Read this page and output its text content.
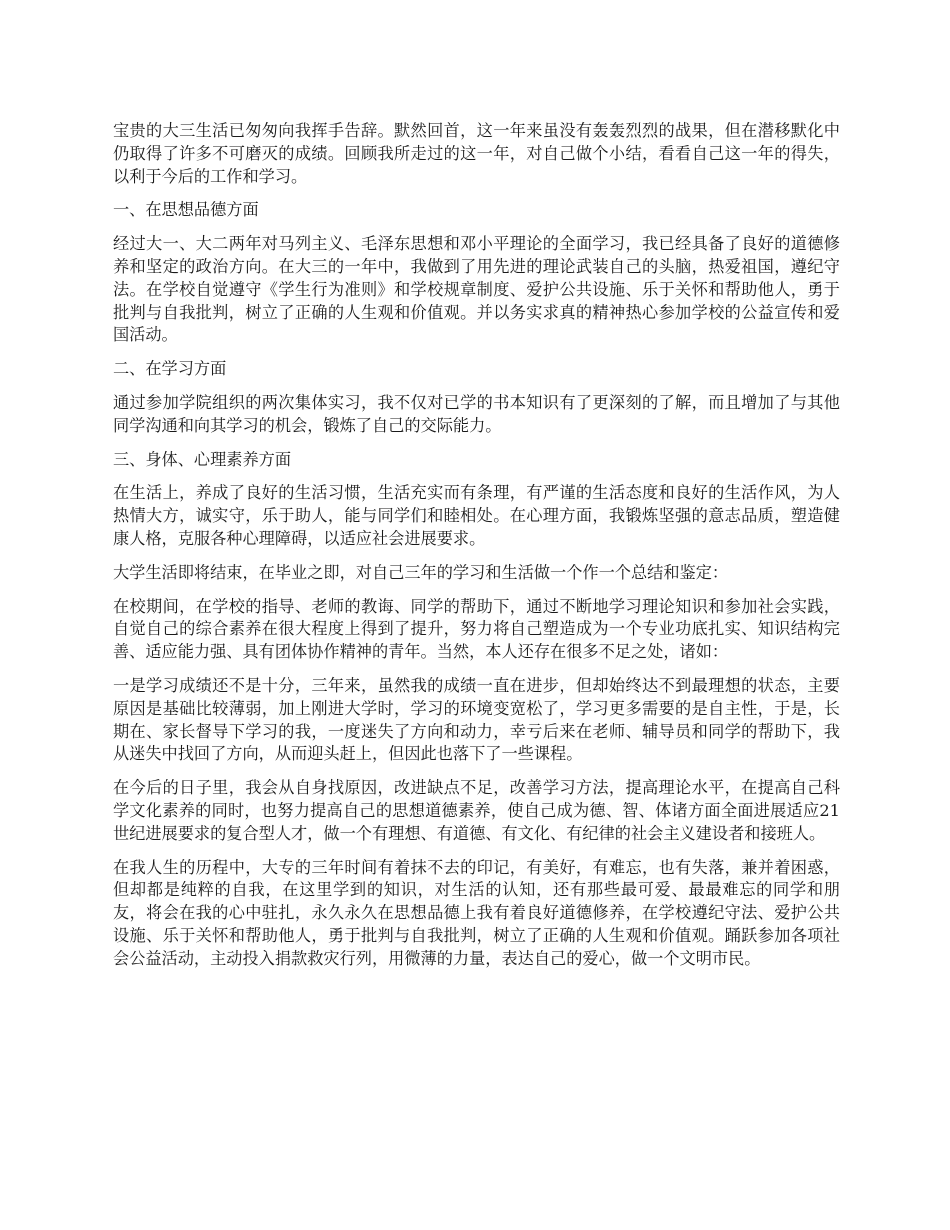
宝贵的大三生活已匆匆向我挥手告辞。默然回首，这一年来虽没有轰轰烈烈的战果，但在潜移默化中仍取得了许多不可磨灭的成绩。回顾我所走过的这一年，对自己做个小结，看看自己这一年的得失，以利于今后的工作和学习。

一、在思想品德方面

经过大一、大二两年对马列主义、毛泽东思想和邓小平理论的全面学习，我已经具备了良好的道德修养和坚定的政治方向。在大三的一年中，我做到了用先进的理论武装自己的头脑，热爱祖国，遵纪守法。在学校自觉遵守《学生行为准则》和学校规章制度、爱护公共设施、乐于关怀和帮助他人，勇于批判与自我批判，树立了正确的人生观和价值观。并以务实求真的精神热心参加学校的公益宣传和爱国活动。

二、在学习方面

通过参加学院组织的两次集体实习，我不仅对已学的书本知识有了更深刻的了解，而且增加了与其他同学沟通和向其学习的机会，锻炼了自己的交际能力。

三、身体、心理素养方面

在生活上，养成了良好的生活习惯，生活充实而有条理，有严谨的生活态度和良好的生活作风，为人热情大方，诚实守，乐于助人，能与同学们和睦相处。在心理方面，我锻炼坚强的意志品质，塑造健康人格，克服各种心理障碍，以适应社会进展要求。

大学生活即将结束，在毕业之即，对自己三年的学习和生活做一个作一个总结和鉴定：

在校期间，在学校的指导、老师的教诲、同学的帮助下，通过不断地学习理论知识和参加社会实践，自觉自己的综合素养在很大程度上得到了提升，努力将自己塑造成为一个专业功底扎实、知识结构完善、适应能力强、具有团体协作精神的青年。当然，本人还存在很多不足之处，诸如：

一是学习成绩还不是十分，三年来，虽然我的成绩一直在进步，但却始终达不到最理想的状态，主要原因是基础比较薄弱，加上刚进大学时，学习的环境变宽松了，学习更多需要的是自主性，于是，长期在、家长督导下学习的我，一度迷失了方向和动力，幸亏后来在老师、辅导员和同学的帮助下，我从迷失中找回了方向，从而迎头赶上，但因此也落下了一些课程。

在今后的日子里，我会从自身找原因，改进缺点不足，改善学习方法，提高理论水平，在提高自己科学文化素养的同时，也努力提高自己的思想道德素养，使自己成为德、智、体诸方面全面进展适应21世纪进展要求的复合型人才，做一个有理想、有道德、有文化、有纪律的社会主义建设者和接班人。

在我人生的历程中，大专的三年时间有着抹不去的印记，有美好，有难忘，也有失落，兼并着困惑，但却都是纯粹的自我，在这里学到的知识，对生活的认知，还有那些最可爱、最最难忘的同学和朋友，将会在我的心中驻扎，永久永久在思想品德上我有着良好道德修养，在学校遵纪守法、爱护公共设施、乐于关怀和帮助他人，勇于批判与自我批判，树立了正确的人生观和价值观。踊跃参加各项社会公益活动，主动投入捐款救灾行列，用微薄的力量，表达自己的爱心，做一个文明市民。
